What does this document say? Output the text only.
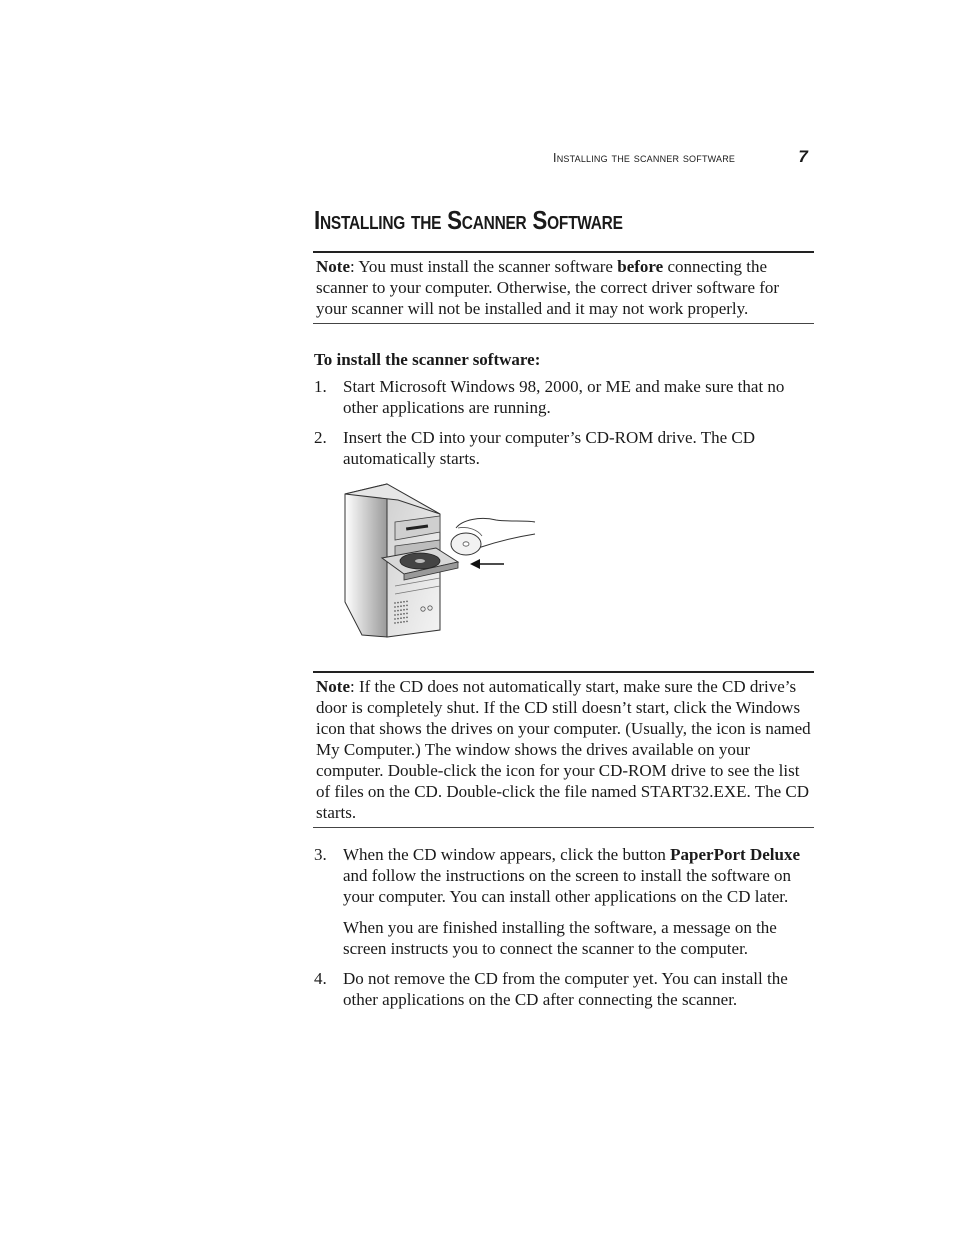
Installing the scanner software	7
Installing the Scanner Software
Note: You must install the scanner software before connecting the scanner to your computer. Otherwise, the correct driver software for your scanner will not be installed and it may not work properly.
To install the scanner software:
1. Start Microsoft Windows 98, 2000, or ME and make sure that no other applications are running.
2. Insert the CD into your computer’s CD-ROM drive. The CD automatically starts.
Note: If the CD does not automatically start, make sure the CD drive’s door is completely shut. If the CD still doesn’t start, click the Windows icon that shows the drives on your computer. (Usually, the icon is named My Computer.) The window shows the drives available on your computer. Double-click the icon for your CD-ROM drive to see the list of files on the CD. Double-click the file named START32.EXE. The CD starts.
3. When the CD window appears, click the button PaperPort Deluxe and follow the instructions on the screen to install the software on your computer. You can install other applications on the CD later.
When you are finished installing the software, a message on the screen instructs you to connect the scanner to the computer.
4. Do not remove the CD from the computer yet. You can install the other applications on the CD after connecting the scanner.
